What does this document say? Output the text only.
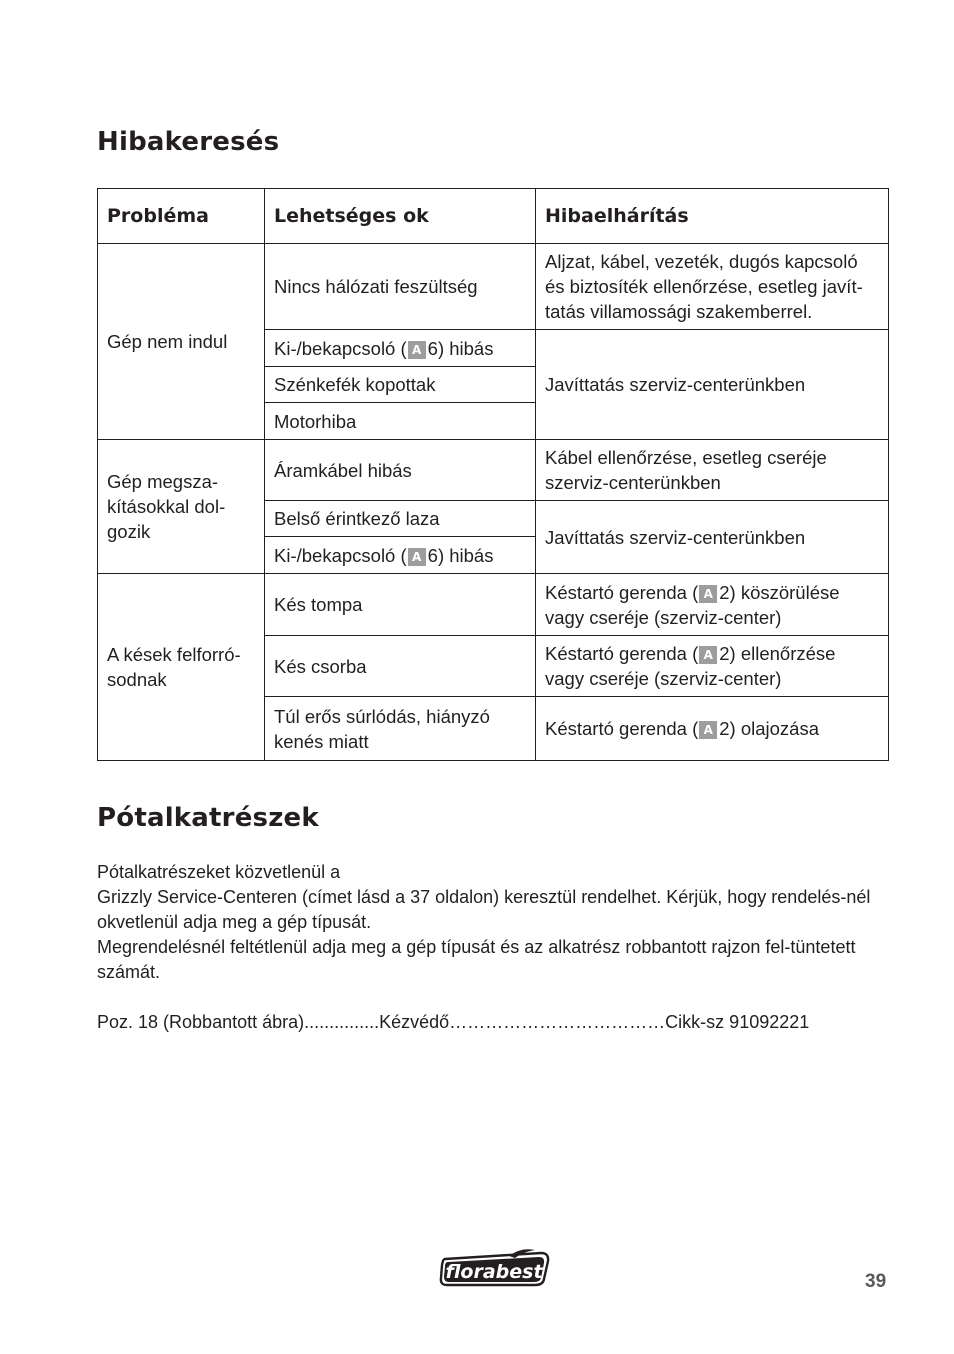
Hibakeresés
Probléma	Lehetséges ok	Hibaelhárítás
Gép nem indul	Nincs hálózati feszültség	Aljzat, kábel, vezeték, dugós kapcsoló és biztosíték ellenőrzése, esetleg javít-tatás villamossági szakemberrel.
	Ki-/bekapcsoló ( A 6) hibás	Javíttatás szerviz-centerünkben
	Szénkefék kopottak	
	Motorhiba	
Gép megsza-kításokkal dol-gozik	Áramkábel hibás	Kábel ellenőrzése, esetleg cseréje szerviz-centerünkben
	Belső érintkező laza	Javíttatás szerviz-centerünkben
	Ki-/bekapcsoló ( A 6) hibás	
A kések felforró-sodnak	Kés tompa	Késtartó gerenda ( A 2) köszörülése vagy cseréje (szerviz-center)
	Kés csorba	Késtartó gerenda ( A 2) ellenőrzése vagy cseréje (szerviz-center)
	Túl erős súrlódás, hiányzó kenés miatt	Késtartó gerenda ( A 2) olajozása
Pótalkatrészek
Pótalkatrészeket közvetlenül a
Grizzly Service-Centeren (címet lásd a 37 oldalon) keresztül rendelhet. Kérjük, hogy rendelés-nél okvetlenül adja meg a gép típusát.
Megrendelésnél feltétlenül adja meg a gép típusát és az alkatrész robbantott rajzon fel-tüntetett számát.
Poz. 18 (Robbantott ábra)...............Kézvédő………………………………Cikk-sz 91092221
florabest	39
